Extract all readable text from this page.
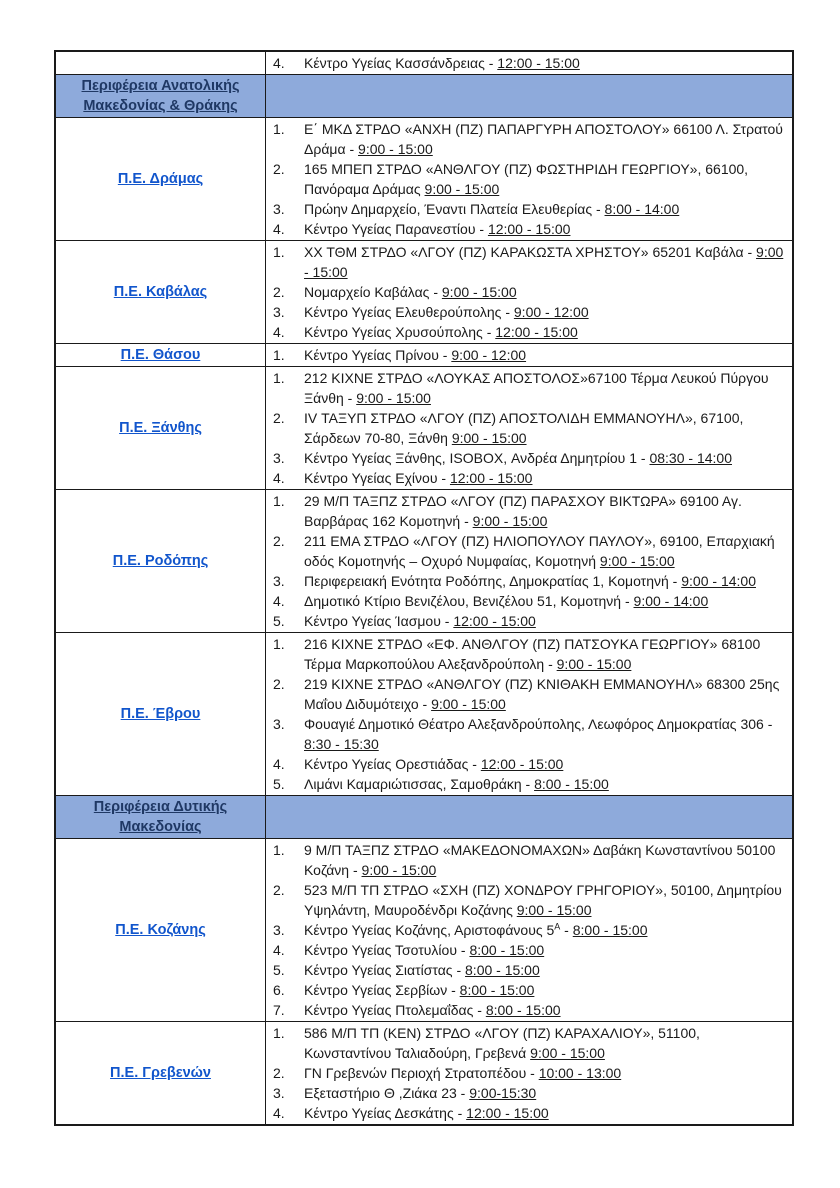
	4. Κέντρο Υγείας Κασσάνδρειας - 12:00 - 15:00

Περιφέρεια Ανατολικής Μακεδονίας & Θράκης	

Π.Ε. Δράμας

1.	Ε΄ ΜΚΔ ΣΤΡΔΟ «ΑΝΧΗ (ΠΖ) ΠΑΠΑΡΓΥΡΗ ΑΠΟΣΤΟΛΟΥ» 66100 Λ. Στρατού Δράμα - 9:00 - 15:00
2.	165 ΜΠΕΠ ΣΤΡΔΟ «ΑΝΘΛΓΟΥ (ΠΖ) ΦΩΣΤΗΡΙΔΗ ΓΕΩΡΓΙΟΥ», 66100, Πανόραμα Δράμας 9:00 - 15:00
3.	Πρώην Δημαρχείο, Έναντι Πλατεία Ελευθερίας - 8:00 - 14:00
4.	Κέντρο Υγείας Παρανεστίου - 12:00 - 15:00

Π.Ε. Καβάλας

1.	ΧΧ ΤΘΜ ΣΤΡΔΟ «ΛΓΟΥ (ΠΖ) ΚΑΡΑΚΩΣΤΑ ΧΡΗΣΤΟΥ» 65201 Καβάλα - 9:00 - 15:00
2.	Νομαρχείο Καβάλας - 9:00 - 15:00
3.	Κέντρο Υγείας Ελευθερούπολης - 9:00 - 12:00
4.	Κέντρο Υγείας Χρυσούπολης - 12:00 - 15:00

Π.Ε. Θάσου	1. Κέντρο Υγείας Πρίνου - 9:00 - 12:00

Π.Ε. Ξάνθης

1.	212 ΚΙΧΝΕ ΣΤΡΔΟ «ΛΟΥΚΑΣ ΑΠΟΣΤΟΛΟΣ»67100 Τέρμα Λευκού Πύργου Ξάνθη - 9:00 - 15:00
2.	IV ΤΑΞΥΠ ΣΤΡΔΟ «ΛΓΟΥ (ΠΖ) ΑΠΟΣΤΟΛΙΔΗ ΕΜΜΑΝΟΥΗΛ», 67100, Σάρδεων 70-80, Ξάνθη 9:00 - 15:00
3.	Κέντρο Υγείας Ξάνθης, ISOBOX, Ανδρέα Δημητρίου 1 - 08:30 - 14:00
4.	Κέντρο Υγείας Εχίνου - 12:00 - 15:00

Π.Ε. Ροδόπης

1.	29 Μ/Π ΤΑΞΠΖ ΣΤΡΔΟ «ΛΓΟΥ (ΠΖ) ΠΑΡΑΣΧΟΥ ΒΙΚΤΩΡΑ» 69100 Αγ. Βαρβάρας 162 Κομοτηνή - 9:00 - 15:00
2.	211 ΕΜΑ ΣΤΡΔΟ «ΛΓΟΥ (ΠΖ) ΗΛΙΟΠΟΥΛΟΥ ΠΑΥΛΟΥ», 69100, Επαρχιακή οδός Κομοτηνής – Οχυρό Νυμφαίας, Κομοτηνή 9:00 - 15:00
3.	Περιφερειακή Ενότητα Ροδόπης, Δημοκρατίας 1, Κομοτηνή - 9:00 - 14:00
4.	Δημοτικό Κτίριο Βενιζέλου, Βενιζέλου 51, Κομοτηνή - 9:00 - 14:00
5.	Κέντρο Υγείας Ίασμου - 12:00 - 15:00

Π.Ε. Έβρου

1.	216 ΚΙΧΝΕ ΣΤΡΔΟ «ΕΦ. ΑΝΘΛΓΟΥ (ΠΖ) ΠΑΤΣΟΥΚΑ ΓΕΩΡΓΙΟΥ» 68100 Τέρμα Μαρκοπούλου Αλεξανδρούπολη - 9:00 - 15:00
2.	219 ΚΙΧΝΕ ΣΤΡΔΟ «ΑΝΘΛΓΟΥ (ΠΖ) ΚΝΙΘΑΚΗ ΕΜΜΑΝΟΥΗΛ» 68300 25ης Μαΐου Διδυμότειχο - 9:00 - 15:00
3.	Φουαγιέ Δημοτικό Θέατρο Αλεξανδρούπολης, Λεωφόρος Δημοκρατίας 306 - 8:30 - 15:30
4.	Κέντρο Υγείας Ορεστιάδας - 12:00 - 15:00
5.	Λιμάνι Καμαριώτισσας, Σαμοθράκη - 8:00 - 15:00

Περιφέρεια Δυτικής Μακεδονίας	

Π.Ε. Κοζάνης

1.	9 Μ/Π ΤΑΞΠΖ ΣΤΡΔΟ «ΜΑΚΕΔΟΝΟΜΑΧΩΝ» Δαβάκη Κωνσταντίνου 50100 Κοζάνη - 9:00 - 15:00
2.	523 Μ/Π ΤΠ ΣΤΡΔΟ «ΣΧΗ (ΠΖ) ΧΟΝΔΡΟΥ ΓΡΗΓΟΡΙΟΥ», 50100, Δημητρίου Υψηλάντη, Μαυροδένδρι Κοζάνης 9:00 - 15:00
3.	Κέντρο Υγείας Κοζάνης, Αριστοφάνους $5^A$ - 8:00 - 15:00
4.	Κέντρο Υγείας Τσοτυλίου - 8:00 - 15:00
5.	Κέντρο Υγείας Σιατίστας - 8:00 - 15:00
6.	Κέντρο Υγείας Σερβίων - 8:00 - 15:00
7.	Κέντρο Υγείας Πτολεμαΐδας - 8:00 - 15:00

Π.Ε. Γρεβενών

1.	586 Μ/Π ΤΠ (ΚΕΝ) ΣΤΡΔΟ «ΛΓΟΥ (ΠΖ) ΚΑΡΑΧΑΛΙΟΥ», 51100, Κωνσταντίνου Ταλιαδούρη, Γρεβενά 9:00 - 15:00
2.	ΓΝ Γρεβενών Περιοχή Στρατοπέδου - 10:00 - 13:00
3.	Εξεταστήριο Θ ,Ζιάκα 23 - 9:00-15:30
4.	Κέντρο Υγείας Δεσκάτης - 12:00 - 15:00
